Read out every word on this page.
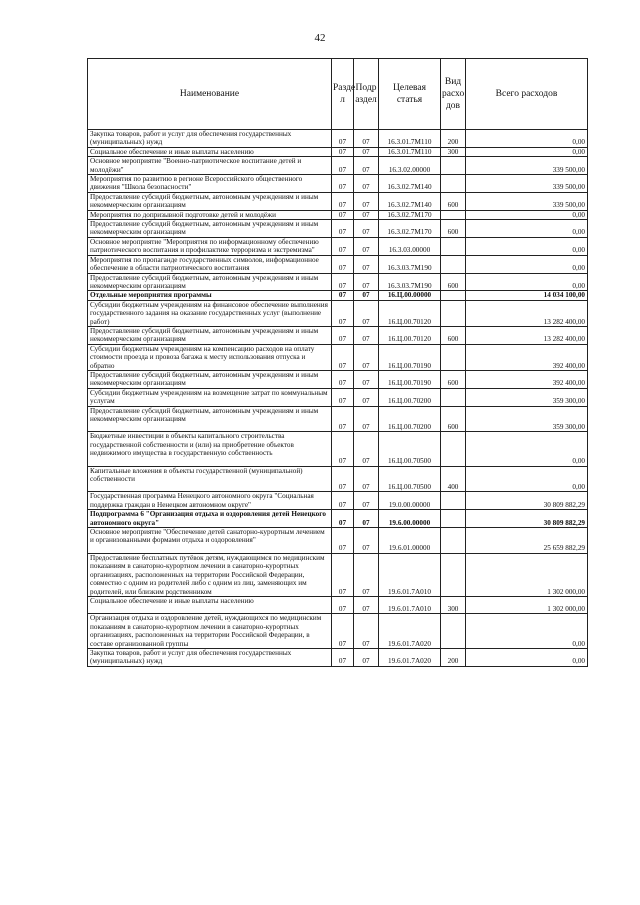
42
Наименование	Разде л	Подр аздел	Целевая статья	Вид расхо дов	Всего расходов
Закупка товаров, работ и услуг для обеспечения государственных (муниципальных) нужд	07	07	16.3.01.7М110	200	0,00
Социальное обеспечение и иные выплаты населению	07	07	16.3.01.7М110	300	0,00
Основное мероприятие "Военно-патриотическое воспитание детей и молодёжи"	07	07	16.3.02.00000		339 500,00
Мероприятия по развитию в регионе Всероссийского общественного движения "Школа безопасности"	07	07	16.3.02.7М140		339 500,00
Предоставление субсидий бюджетным, автономным учреждениям и иным некоммерческим организациям	07	07	16.3.02.7М140	600	339 500,00
Мероприятия по допризывной подготовке детей и молодёжи	07	07	16.3.02.7М170		0,00
Предоставление субсидий бюджетным, автономным учреждениям и иным некоммерческим организациям	07	07	16.3.02.7М170	600	0,00
Основное мероприятие "Мероприятия по информационному обеспечению патриотического воспитания и профилактике терроризма и экстремизма"	07	07	16.3.03.00000		0,00
Мероприятия по пропаганде государственных символов, информационное обеспечение в области патриотического воспитания	07	07	16.3.03.7М190		0,00
Предоставление субсидий бюджетным, автономным учреждениям и иным некоммерческим организациям	07	07	16.3.03.7М190	600	0,00
Отдельные мероприятия программы	07	07	16.Ц.00.00000		14 034 100,00
Субсидии бюджетным учреждениям на финансовое обеспечение выполнения государственного задания на оказание государственных услуг (выполнение работ)	07	07	16.Ц.00.70120		13 282 400,00
Предоставление субсидий бюджетным, автономным учреждениям и иным некоммерческим организациям	07	07	16.Ц.00.70120	600	13 282 400,00
Субсидии бюджетным учреждениям на компенсацию расходов на оплату стоимости проезда и провоза багажа к месту использования отпуска и обратно	07	07	16.Ц.00.70190		392 400,00
Предоставление субсидий бюджетным, автономным учреждениям и иным некоммерческим организациям	07	07	16.Ц.00.70190	600	392 400,00
Субсидии бюджетным учреждениям на возмещение затрат по коммунальным услугам	07	07	16.Ц.00.70200		359 300,00
Предоставление субсидий бюджетным, автономным учреждениям и иным некоммерческим организациям	07	07	16.Ц.00.70200	600	359 300,00
Бюджетные инвестиции в объекты капитального строительства государственной собственности и (или) на приобретение объектов недвижимого имущества в государственную собственность	07	07	16.Ц.00.70500		0,00
Капитальные вложения в объекты государственной (муниципальной) собственности	07	07	16.Ц.00.70500	400	0,00
Государственная программа Ненецкого автономного округа "Социальная поддержка граждан в Ненецком автономном округе"	07	07	19.0.00.00000		30 809 882,29
Подпрограмма 6 "Организация отдыха и оздоровления детей Ненецкого автономного округа"	07	07	19.6.00.00000		30 809 882,29
Основное мероприятие "Обеспечение детей санаторно-курортным лечением и организованными формами отдыха и оздоровления"	07	07	19.6.01.00000		25 659 882,29
Предоставление бесплатных путёвок детям, нуждающимся по медицинским показаниям в санаторно-курортном лечении в санаторно-курортных организациях, расположенных на территории Российской Федерации, совместно с одним из родителей либо с одним из лиц, заменяющих им родителей, или близким родственником	07	07	19.6.01.7А010		1 302 000,00
Социальное обеспечение и иные выплаты населению	07	07	19.6.01.7А010	300	1 302 000,00
Организация отдыха и оздоровление детей, нуждающихся по медицинским показаниям в санаторно-курортном лечении в санаторно-курортных организациях, расположенных на территории Российской Федерации, в составе организованной группы	07	07	19.6.01.7А020		0,00
Закупка товаров, работ и услуг для обеспечения государственных (муниципальных) нужд	07	07	19.6.01.7А020	200	0,00
